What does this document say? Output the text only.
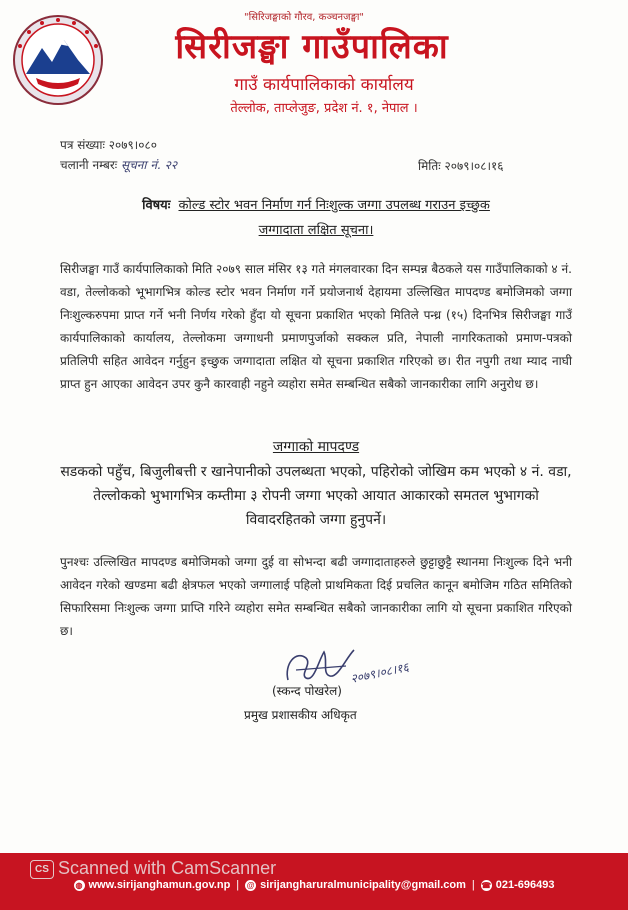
"सिरिजङ्घाको गौरव, कञ्चनजङ्घा"
सिरीजङ्घा गाउँपालिका
गाउँ कार्यपालिकाको कार्यालय
तेल्लोक, ताप्लेजुङ, प्रदेश नं. १, नेपाल ।
पत्र संख्याः २०७९।०८०
चलानी नम्बरः सूचना नं. २२	मितिः २०७९।०८।१६
विषयः कोल्ड स्टोर भवन निर्माण गर्न निःशुल्क जग्गा उपलब्ध गराउन इच्छुक
जग्गादाता लक्षित सूचना।
सिरीजङ्घा गाउँ कार्यपालिकाको मिति २०७९ साल मंसिर १३ गते मंगलवारका दिन सम्पन्न बैठकले यस गाउँपालिकाको ४ नं. वडा, तेल्लोकको भूभागभित्र कोल्ड स्टोर भवन निर्माण गर्ने प्रयोजनार्थ देहायमा उल्लिखित मापदण्ड बमोजिमको जग्गा निःशुल्करुपमा प्राप्त गर्ने भनी निर्णय गरेको हुँदा यो सूचना प्रकाशित भएको मितिले पन्ध्र (१५) दिनभित्र सिरीजङ्घा गाउँ कार्यपालिकाको कार्यालय, तेल्लोकमा जग्गाधनी प्रमाणपुर्जाको सक्कल प्रति, नेपाली नागरिकताको प्रमाण-पत्रको प्रतिलिपी सहित आवेदन गर्नुहुन इच्छुक जग्गादाता लक्षित यो सूचना प्रकाशित गरिएको छ। रीत नपुगी तथा म्याद नाघी प्राप्त हुन आएका आवेदन उपर कुनै कारवाही नहुने व्यहोरा समेत सम्बन्धित सबैको जानकारीका लागि अनुरोध छ।
जग्गाको मापदण्ड
सडकको पहुँच, बिजुलीबत्ती र खानेपानीको उपलब्धता भएको, पहिरोको जोखिम कम भएको ४ नं. वडा, तेल्लोकको भुभागभित्र कम्तीमा ३ रोपनी जग्गा भएको आयात आकारको समतल भुभागको विवादरहितको जग्गा हुनुपर्ने।
पुनश्चः उल्लिखित मापदण्ड बमोजिमको जग्गा दुई वा सोभन्दा बढी जग्गादाताहरुले छुट्टाछुट्टै स्थानमा निःशुल्क दिने भनी आवेदन गरेको खण्डमा बढी क्षेत्रफल भएको जग्गालाई पहिलो प्राथमिकता दिई प्रचलित कानून बमोजिम गठित समितिको सिफारिसमा निःशुल्क जग्गा प्राप्ति गरिने व्यहोरा समेत सम्बन्धित सबैको जानकारीका लागि यो सूचना प्रकाशित गरिएको छ।
२०७९।०८।१६
(स्कन्द पोखरेल)
प्रमुख प्रशासकीय अधिकृत
◍ www.sirijanghamun.gov.np | @ sirijangharuralmunicipality@gmail.com | ☎ 021-696493
CS Scanned with CamScanner
